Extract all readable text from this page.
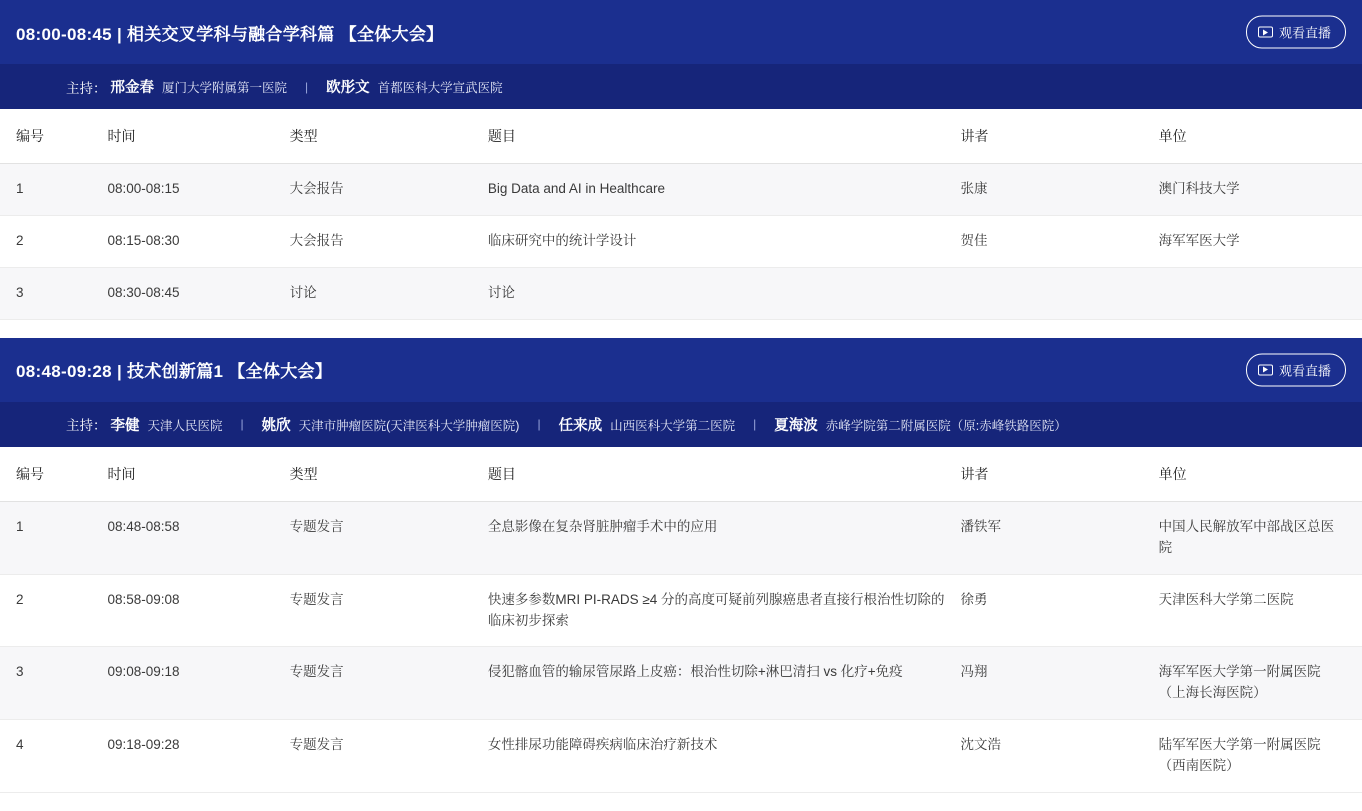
08:00-08:45 | 相关交叉学科与融合学科篇 【全体大会】	观看直播
主持： 邢金春 厦门大学附属第一医院 | 欧彤文 首都医科大学宣武医院
编号	时间	类型	题目	讲者	单位
1	08:00-08:15	大会报告	Big Data and AI in Healthcare	张康	澳门科技大学
2	08:15-08:30	大会报告	临床研究中的统计学设计	贺佳	海军军医大学
3	08:30-08:45	讨论	讨论		
08:48-09:28 | 技术创新篇1 【全体大会】	观看直播
主持： 李健 天津人民医院 | 姚欣 天津市肿瘤医院(天津医科大学肿瘤医院) | 任来成 山西医科大学第二医院 | 夏海波 赤峰学院第二附属医院（原:赤峰铁路医院）
编号	时间	类型	题目	讲者	单位
1	08:48-08:58	专题发言	全息影像在复杂肾脏肿瘤手术中的应用	潘铁军	中国人民解放军中部战区总医院
2	08:58-09:08	专题发言	快速多参数MRI PI-RADS ≥4 分的高度可疑前列腺癌患者直接行根治性切除的临床初步探索	徐勇	天津医科大学第二医院
3	09:08-09:18	专题发言	侵犯髂血管的输尿管尿路上皮癌：根治性切除+淋巴清扫 vs 化疗+免疫	冯翔	海军军医大学第一附属医院（上海长海医院）
4	09:18-09:28	专题发言	女性排尿功能障碍疾病临床治疗新技术	沈文浩	陆军军医大学第一附属医院（西南医院）
